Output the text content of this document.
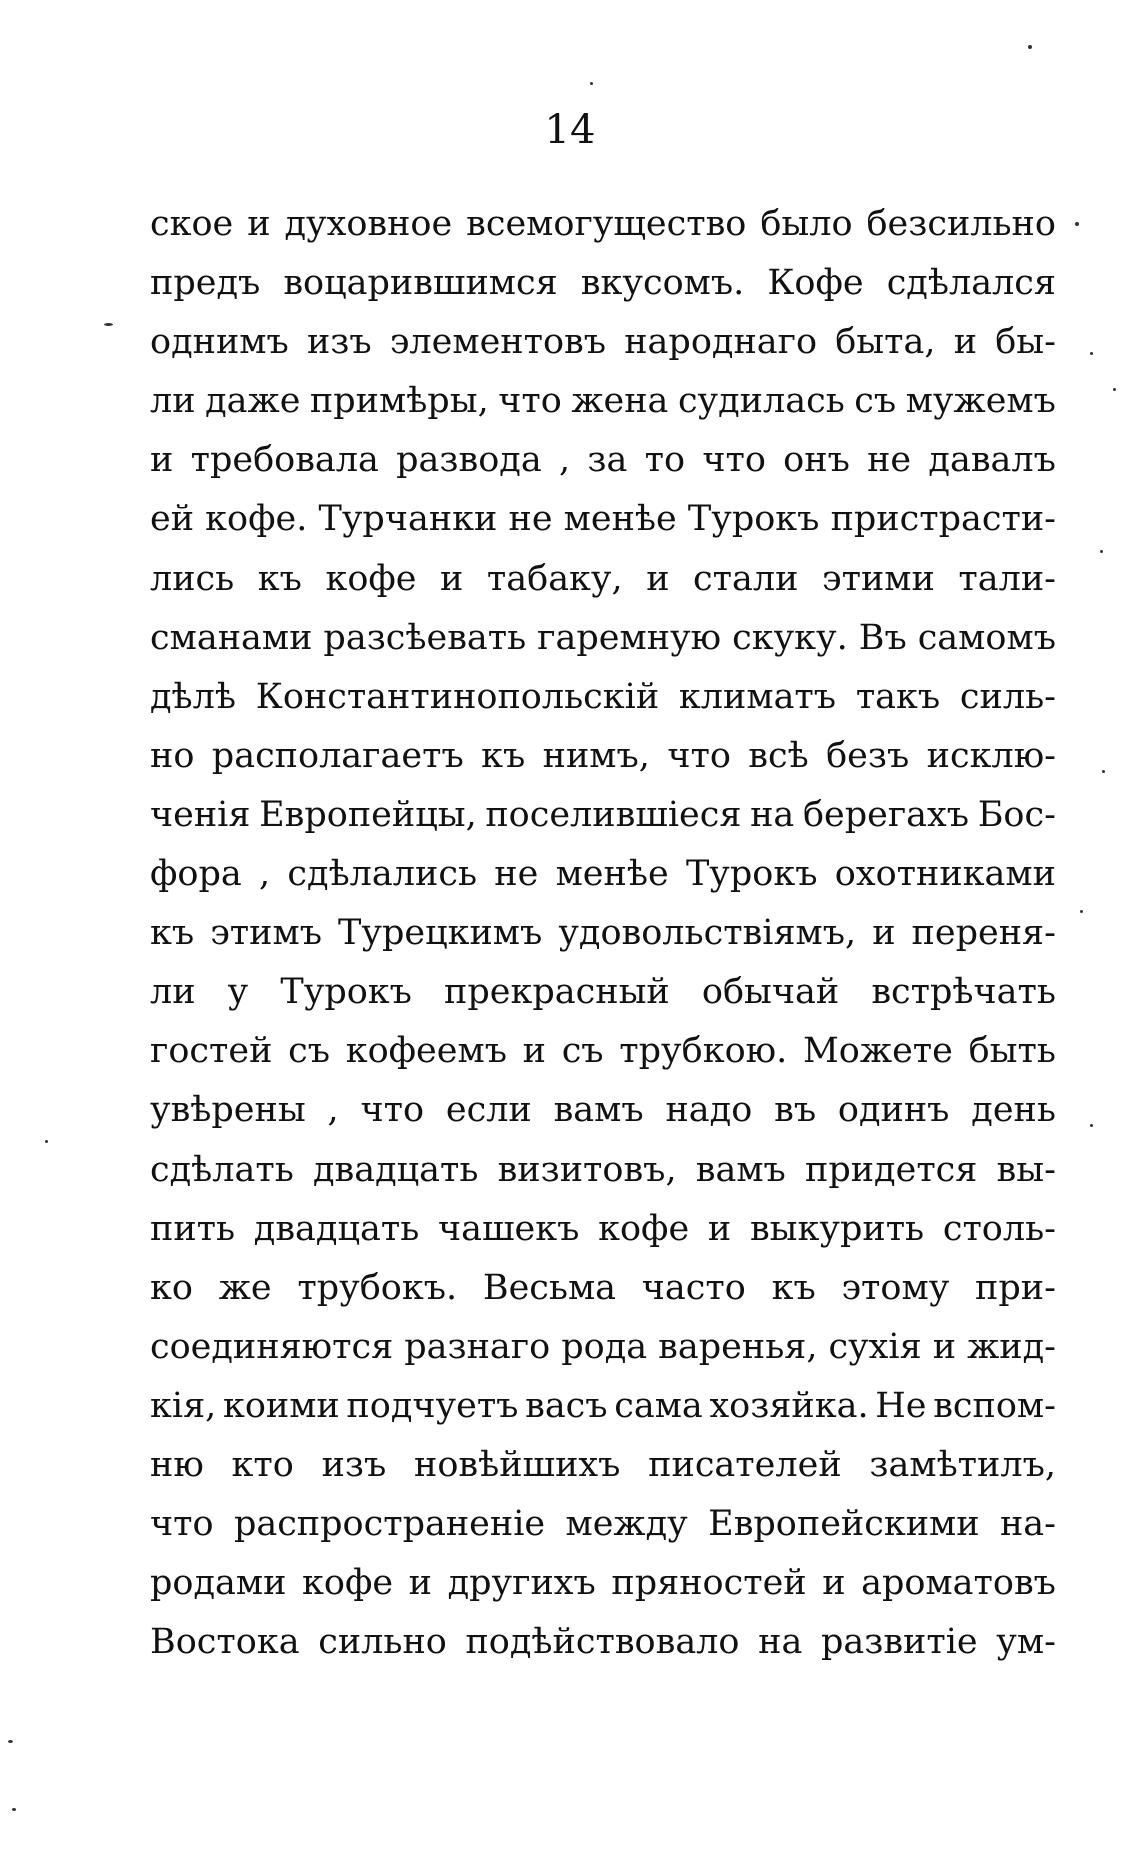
14
ское и духовное всемогущество было безсильно
предъ воцарившимся вкусомъ. Кофе сдѣлался
однимъ изъ элементовъ народнаго быта, и бы-
ли даже примѣры, что жена судилась съ мужемъ
и требовала развода , за то что онъ не давалъ
ей кофе. Турчанки не менѣе Турокъ пристрасти-
лись къ кофе и табаку, и стали этими тали-
сманами разсѣевать гаремную скуку. Въ самомъ
дѣлѣ Константинопольскій климатъ такъ силь-
но располагаетъ къ нимъ, что всѣ безъ исклю-
ченія Европейцы, поселившіеся на берегахъ Бос-
фора , сдѣлались не менѣе Турокъ охотниками
къ этимъ Турецкимъ удовольствіямъ, и переня-
ли у Турокъ прекрасный обычай встрѣчать
гостей съ кофеемъ и съ трубкою. Можете быть
увѣрены , что если вамъ надо въ одинъ день
сдѣлать двадцать визитовъ, вамъ придется вы-
пить двадцать чашекъ кофе и выкурить столь-
ко же трубокъ. Весьма часто къ этому при-
соединяются разнаго рода варенья, сухія и жид-
кія, коими подчуетъ васъ сама хозяйка. Не вспом-
ню кто изъ новѣйшихъ писателей замѣтилъ,
что распространеніе между Европейскими на-
родами кофе и другихъ пряностей и ароматовъ
Востока сильно подѣйствовало на развитіе ум-
